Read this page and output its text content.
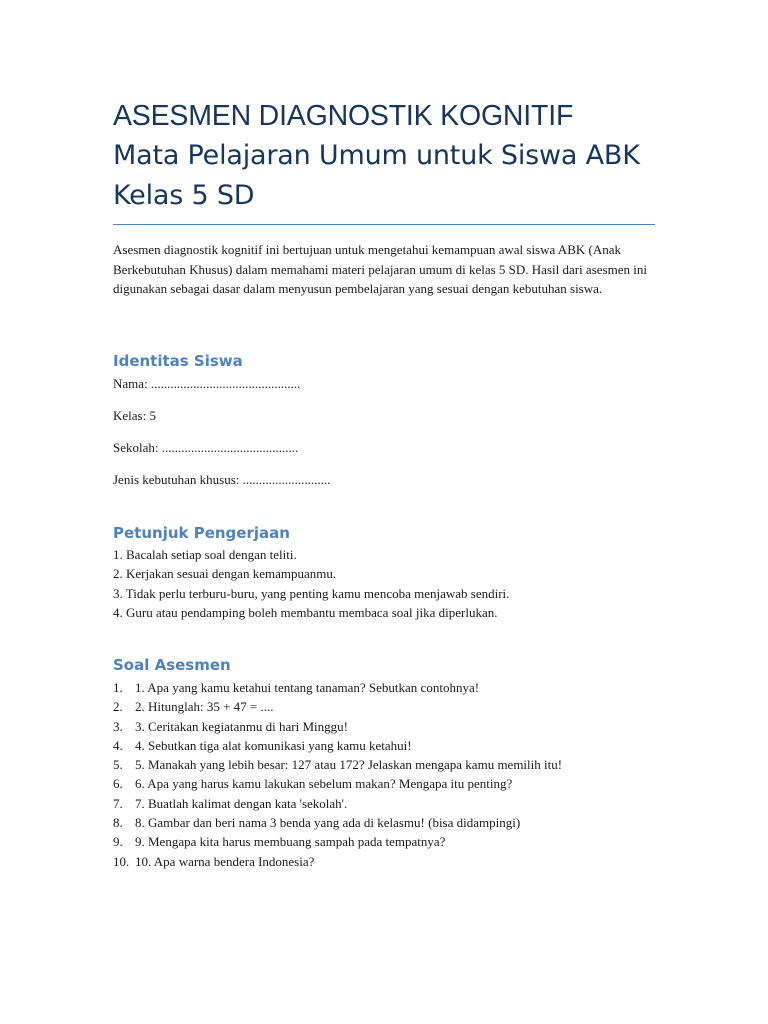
ASESMEN DIAGNOSTIK KOGNITIF
Mata Pelajaran Umum untuk Siswa ABK
Kelas 5 SD

Asesmen diagnostik kognitif ini bertujuan untuk mengetahui kemampuan awal siswa ABK (Anak Berkebutuhan Khusus) dalam memahami materi pelajaran umum di kelas 5 SD. Hasil dari asesmen ini digunakan sebagai dasar dalam menyusun pembelajaran yang sesuai dengan kebutuhan siswa.

Identitas Siswa
Nama: ..............................................
Kelas: 5
Sekolah: ..........................................
Jenis kebutuhan khusus: ...........................
Petunjuk Pengerjaan
1. Bacalah setiap soal dengan teliti.
2. Kerjakan sesuai dengan kemampuanmu.
3. Tidak perlu terburu-buru, yang penting kamu mencoba menjawab sendiri.
4. Guru atau pendamping boleh membantu membaca soal jika diperlukan.
Soal Asesmen
1. 1. Apa yang kamu ketahui tentang tanaman? Sebutkan contohnya!
2. 2. Hitunglah: 35 + 47 = ....
3. 3. Ceritakan kegiatanmu di hari Minggu!
4. 4. Sebutkan tiga alat komunikasi yang kamu ketahui!
5. 5. Manakah yang lebih besar: 127 atau 172? Jelaskan mengapa kamu memilih itu!
6. 6. Apa yang harus kamu lakukan sebelum makan? Mengapa itu penting?
7. 7. Buatlah kalimat dengan kata 'sekolah'.
8. 8. Gambar dan beri nama 3 benda yang ada di kelasmu! (bisa didampingi)
9. 9. Mengapa kita harus membuang sampah pada tempatnya?
10. 10. Apa warna bendera Indonesia?
